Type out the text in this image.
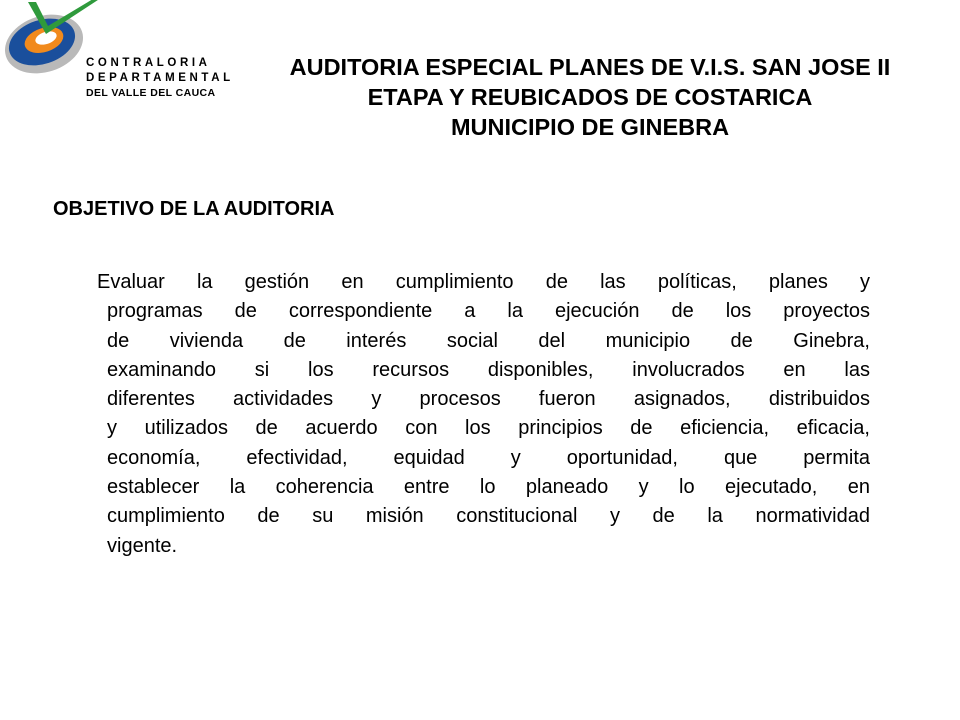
CONTRALORIA
DEPARTAMENTAL
DEL VALLE DEL CAUCA
AUDITORIA ESPECIAL PLANES DE V.I.S. SAN JOSE II
ETAPA Y REUBICADOS DE COSTARICA
MUNICIPIO DE GINEBRA
OBJETIVO DE LA AUDITORIA

Evaluar la gestión en cumplimiento de las políticas, planes y
programas de correspondiente a la ejecución de los proyectos
de vivienda de interés social del municipio de Ginebra,
examinando si los recursos disponibles, involucrados en las
diferentes actividades y procesos fueron asignados, distribuidos
y utilizados de acuerdo con los principios de eficiencia, eficacia,
economía, efectividad, equidad y oportunidad, que permita
establecer la coherencia entre lo planeado y lo ejecutado, en
cumplimiento de su misión constitucional y de la normatividad
vigente.
